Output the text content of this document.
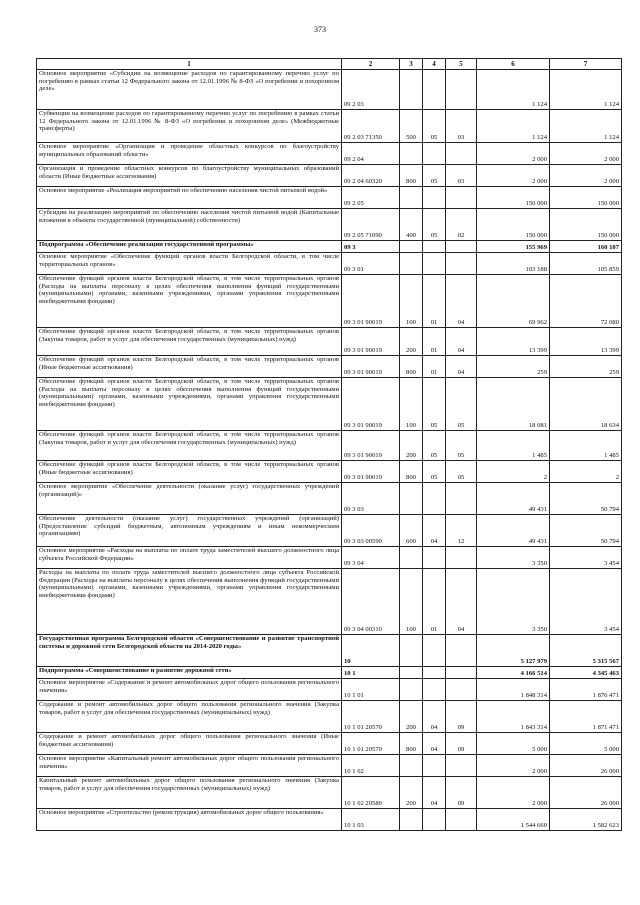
373
1	2	3	4	5	6	7
Основное мероприятие «Субсидии на возмещение расходов по гарантированному перечню услуг по погребению в рамках статьи 12 Федерального закона от 12.01.1996 № 8-ФЗ «О погребении и похоронном деле»	09 2 03				1 124	1 124
Субвенции на возмещение расходов по гарантированному перечню услуг по погребению в рамках статьи 12 Федерального закона от 12.01.1996 № 8-ФЗ «О погребении и похоронном деле» (Межбюджетные трансферты)	09 2 03 71350	500	05	03	1 124	1 124
Основное мероприятие «Организация и проведение областных конкурсов по благоустройству муниципальных образований области»	09 2 04				2 000	2 000
Организация и проведение областных конкурсов по благоустройству муниципальных образований области (Иные бюджетные ассигнования)	09 2 04 60320	800	05	03	2 000	2 000
Основное мероприятие «Реализация мероприятий по обеспечению населения чистой питьевой водой»	09 2 05				150 000	150 000
Субсидии на реализацию мероприятий по обеспечению населения чистой питьевой водой (Капитальные вложения в объекты государственной (муниципальной) собственности)	09 2 05 71090	400	05	02	150 000	150 000
Подпрограмма «Обеспечение реализации государственной программы»	09 3				155 969	160 107
Основное мероприятие «Обеспечение функций органов власти Белгородской области, в том числе территориальных органов»	09 3 01				103 188	105 859
Обеспечение функций органов власти Белгородской области, в том числе территориальных органов (Расходы на выплаты персоналу в целях обеспечения выполнения функций государственными (муниципальными) органами, казенными учреждениями, органами управления государственными внебюджетными фондами)	09 3 01 90019	100	01	04	69 962	72 080
Обеспечение функций органов власти Белгородской области, в том числе территориальных органов (Закупка товаров, работ и услуг для обеспечения государственных (муниципальных) нужд)	09 3 01 90019	200	01	04	13 399	13 399
Обеспечение функций органов власти Белгородской области, в том числе территориальных органов (Иные бюджетные ассигнования)	09 3 01 90019	800	01	04	259	259
Обеспечение функций органов власти Белгородской области, в том числе территориальных органов (Расходы на выплаты персоналу в целях обеспечения выполнения функций государственными (муниципальными) органами, казенными учреждениями, органами управления государственными внебюджетными фондами)	09 3 01 90019	100	05	05	18 081	18 634
Обеспечение функций органов власти Белгородской области, в том числе территориальных органов (Закупка товаров, работ и услуг для обеспечения государственных (муниципальных) нужд)	09 3 01 90019	200	05	05	1 485	1 485
Обеспечение функций органов власти Белгородской области, в том числе территориальных органов (Иные бюджетные ассигнования)	09 3 01 90019	800	05	05	2	2
Основное мероприятие «Обеспечение деятельности (оказание услуг) государственных учреждений (организаций)»	09 3 03				49 431	50 794
Обеспечение деятельности (оказание услуг) государственных учреждений (организаций) (Предоставление субсидий бюджетным, автономным учреждениям и иным некоммерческим организациям)	09 3 03 00590	600	04	12	49 431	50 794
Основное мероприятие «Расходы на выплаты по оплате труда заместителей высшего должностного лица субъекта Российской Федерации»	09 3 04				3 350	3 454
Расходы на выплаты по оплате труда заместителей высшего должностного лица субъекта Российской Федерации (Расходы на выплаты персоналу в целях обеспечения выполнения функций государственными (муниципальными) органами, казенными учреждениями, органами управления государственными внебюджетными фондами)	09 3 04 00310	100	01	04	3 350	3 454
Государственная программа Белгородской области «Совершенствование и развитие транспортной системы и дорожной сети Белгородской области на 2014-2020 годы»	10				5 127 979	5 315 567
Подпрограмма «Совершенствование и развитие дорожной сети»	10 1				4 166 514	4 345 463
Основное мероприятие «Содержание и ремонт автомобильных дорог общего пользования регионального значения»	10 1 01				1 848 314	1 876 471
Содержание и ремонт автомобильных дорог общего пользования регионального значения (Закупка товаров, работ и услуг для обеспечения государственных (муниципальных) нужд)	10 1 01 20570	200	04	09	1 843 314	1 871 471
Содержание и ремонт автомобильных дорог общего пользования регионального значения (Иные бюджетные ассигнования)	10 1 01 20570	800	04	09	5 000	5 000
Основное мероприятие «Капитальный ремонт автомобильных дорог общего пользования регионального значения»	10 1 02				2 000	26 000
Капитальный ремонт автомобильных дорог общего пользования регионального значения (Закупка товаров, работ и услуг для обеспечения государственных (муниципальных) нужд)	10 1 02 20580	200	04	09	2 000	26 000
Основное мероприятие «Строительство (реконструкция) автомобильных дорог общего пользования»	10 1 03				1 544 660	1 582 623
